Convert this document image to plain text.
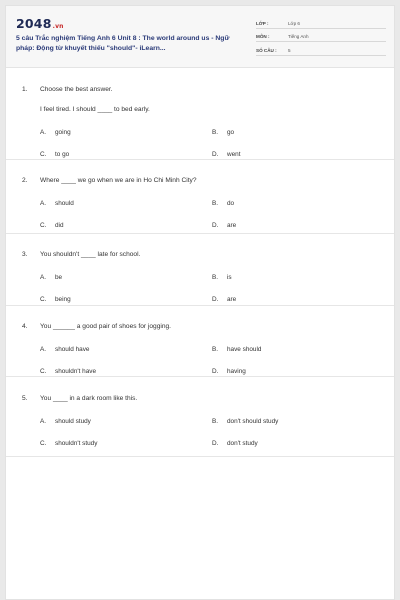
2048.vn
5 câu Trắc nghiệm Tiếng Anh 6 Unit 8 : The world around us - Ngữ pháp: Động từ khuyết thiếu "should"- iLearn...
LỚP :	Lớp 6
MÔN :	Tiếng Anh
SỐ CÂU :	5
1. Choose the best answer.
I feel tired. I should ____ to bed early.
A. going	B. go
C. to go	D. went
2. Where ____ we go when we are in Ho Chi Minh City?
A. should	B. do
C. did	D. are
3. You shouldn't ____ late for school.
A. be	B. is
C. being	D. are
4. You ______ a good pair of shoes for jogging.
A. should have	B. have should
C. shouldn't have	D. having
5. You ____ in a dark room like this.
A. should study	B. don't should study
C. shouldn't study	D. don't study
